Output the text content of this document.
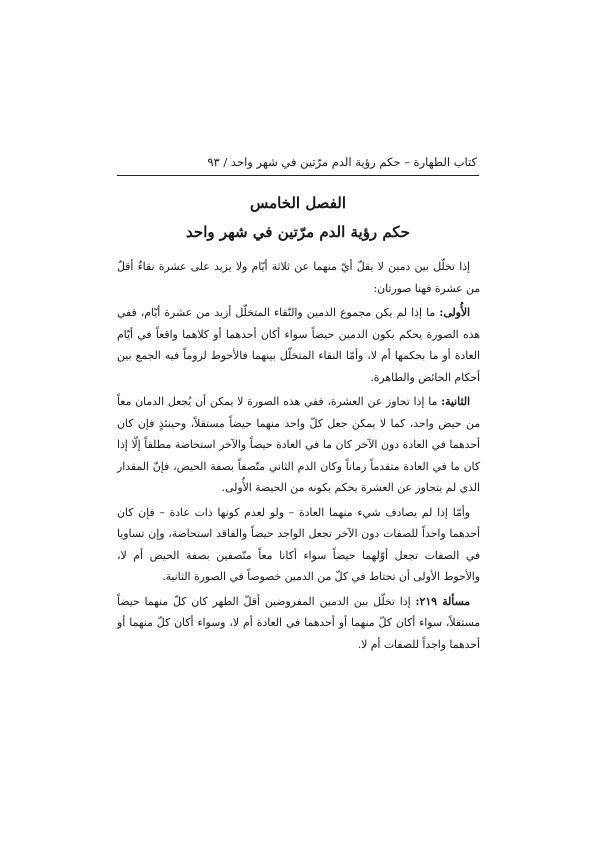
كتاب الطهارة – حكم رؤية الدم مرّتين في شهر واحد / ٩٣
الفصل الخامس
حكم رؤية الدم مرّتين في شهر واحد

إذا تخلّل بين دمين لا يقلّ أيّ منهما عن ثلاثة أيّام ولا يزيد على عشرة نقاءٌ أقلّ من عشرة فهنا صورتان:

الأُولى: ما إذا لم يكن مجموع الدمين والنّقاء المتخلّل أزيد من عشرة أيّام، ففي هذه الصورة يحكم بكون الدمين حيضاً سواء أكان أحدهما أو كلاهما واقعاً في أيّام العادة أو ما بحكمها أم لا، وأمّا النقاء المتخلّل بينهما فالأحوط لزوماً فيه الجمع بين أحكام الحائض والطاهرة.

الثانية: ما إذا تجاوز عن العشرة، ففي هذه الصورة لا يمكن أن يُجعل الدمان معاً من حيض واحد، كما لا يمكن جعل كلّ واحد منهما حيضاً مستقلاً، وحينئذٍ فإن كان أحدهما في العادة دون الآخر كان ما في العادة حيضاً والآخر استحاضة مطلقاً إلّا إذا كان ما في العادة متقدماً زماناً وكان الدم الثاني متّصفاً بصفة الحيض، فإنّ المقدار الذي لم يتجاوز عن العشرة يحكم بكونه من الحيضة الأُولى.

وأمّا إذا لم يصادف شيء منهما العادة – ولو لعدم كونها ذات عادة – فإن كان أحدهما واجداً للصفات دون الآخر تجعل الواجد حيضاً والفاقد استحاضة، وإن تساويا في الصفات تجعل أوّلهما حيضاً سواء أكانا معاً متّصفين بصفة الحيض أم لا، والأحوط الأولى أن تحتاط في كلّ من الدمين خصوصاً في الصورة الثانية.

مسألة ٢١٩: إذا تخلّل بين الدمين المفروضين أقلّ الطهر كان كلّ منهما حيضاً مستقلاً، سواء أكان كلّ منهما أو أحدهما في العادة أم لا، وسواء أكان كلّ منهما أو أحدهما واجداً للصفات أم لا.
